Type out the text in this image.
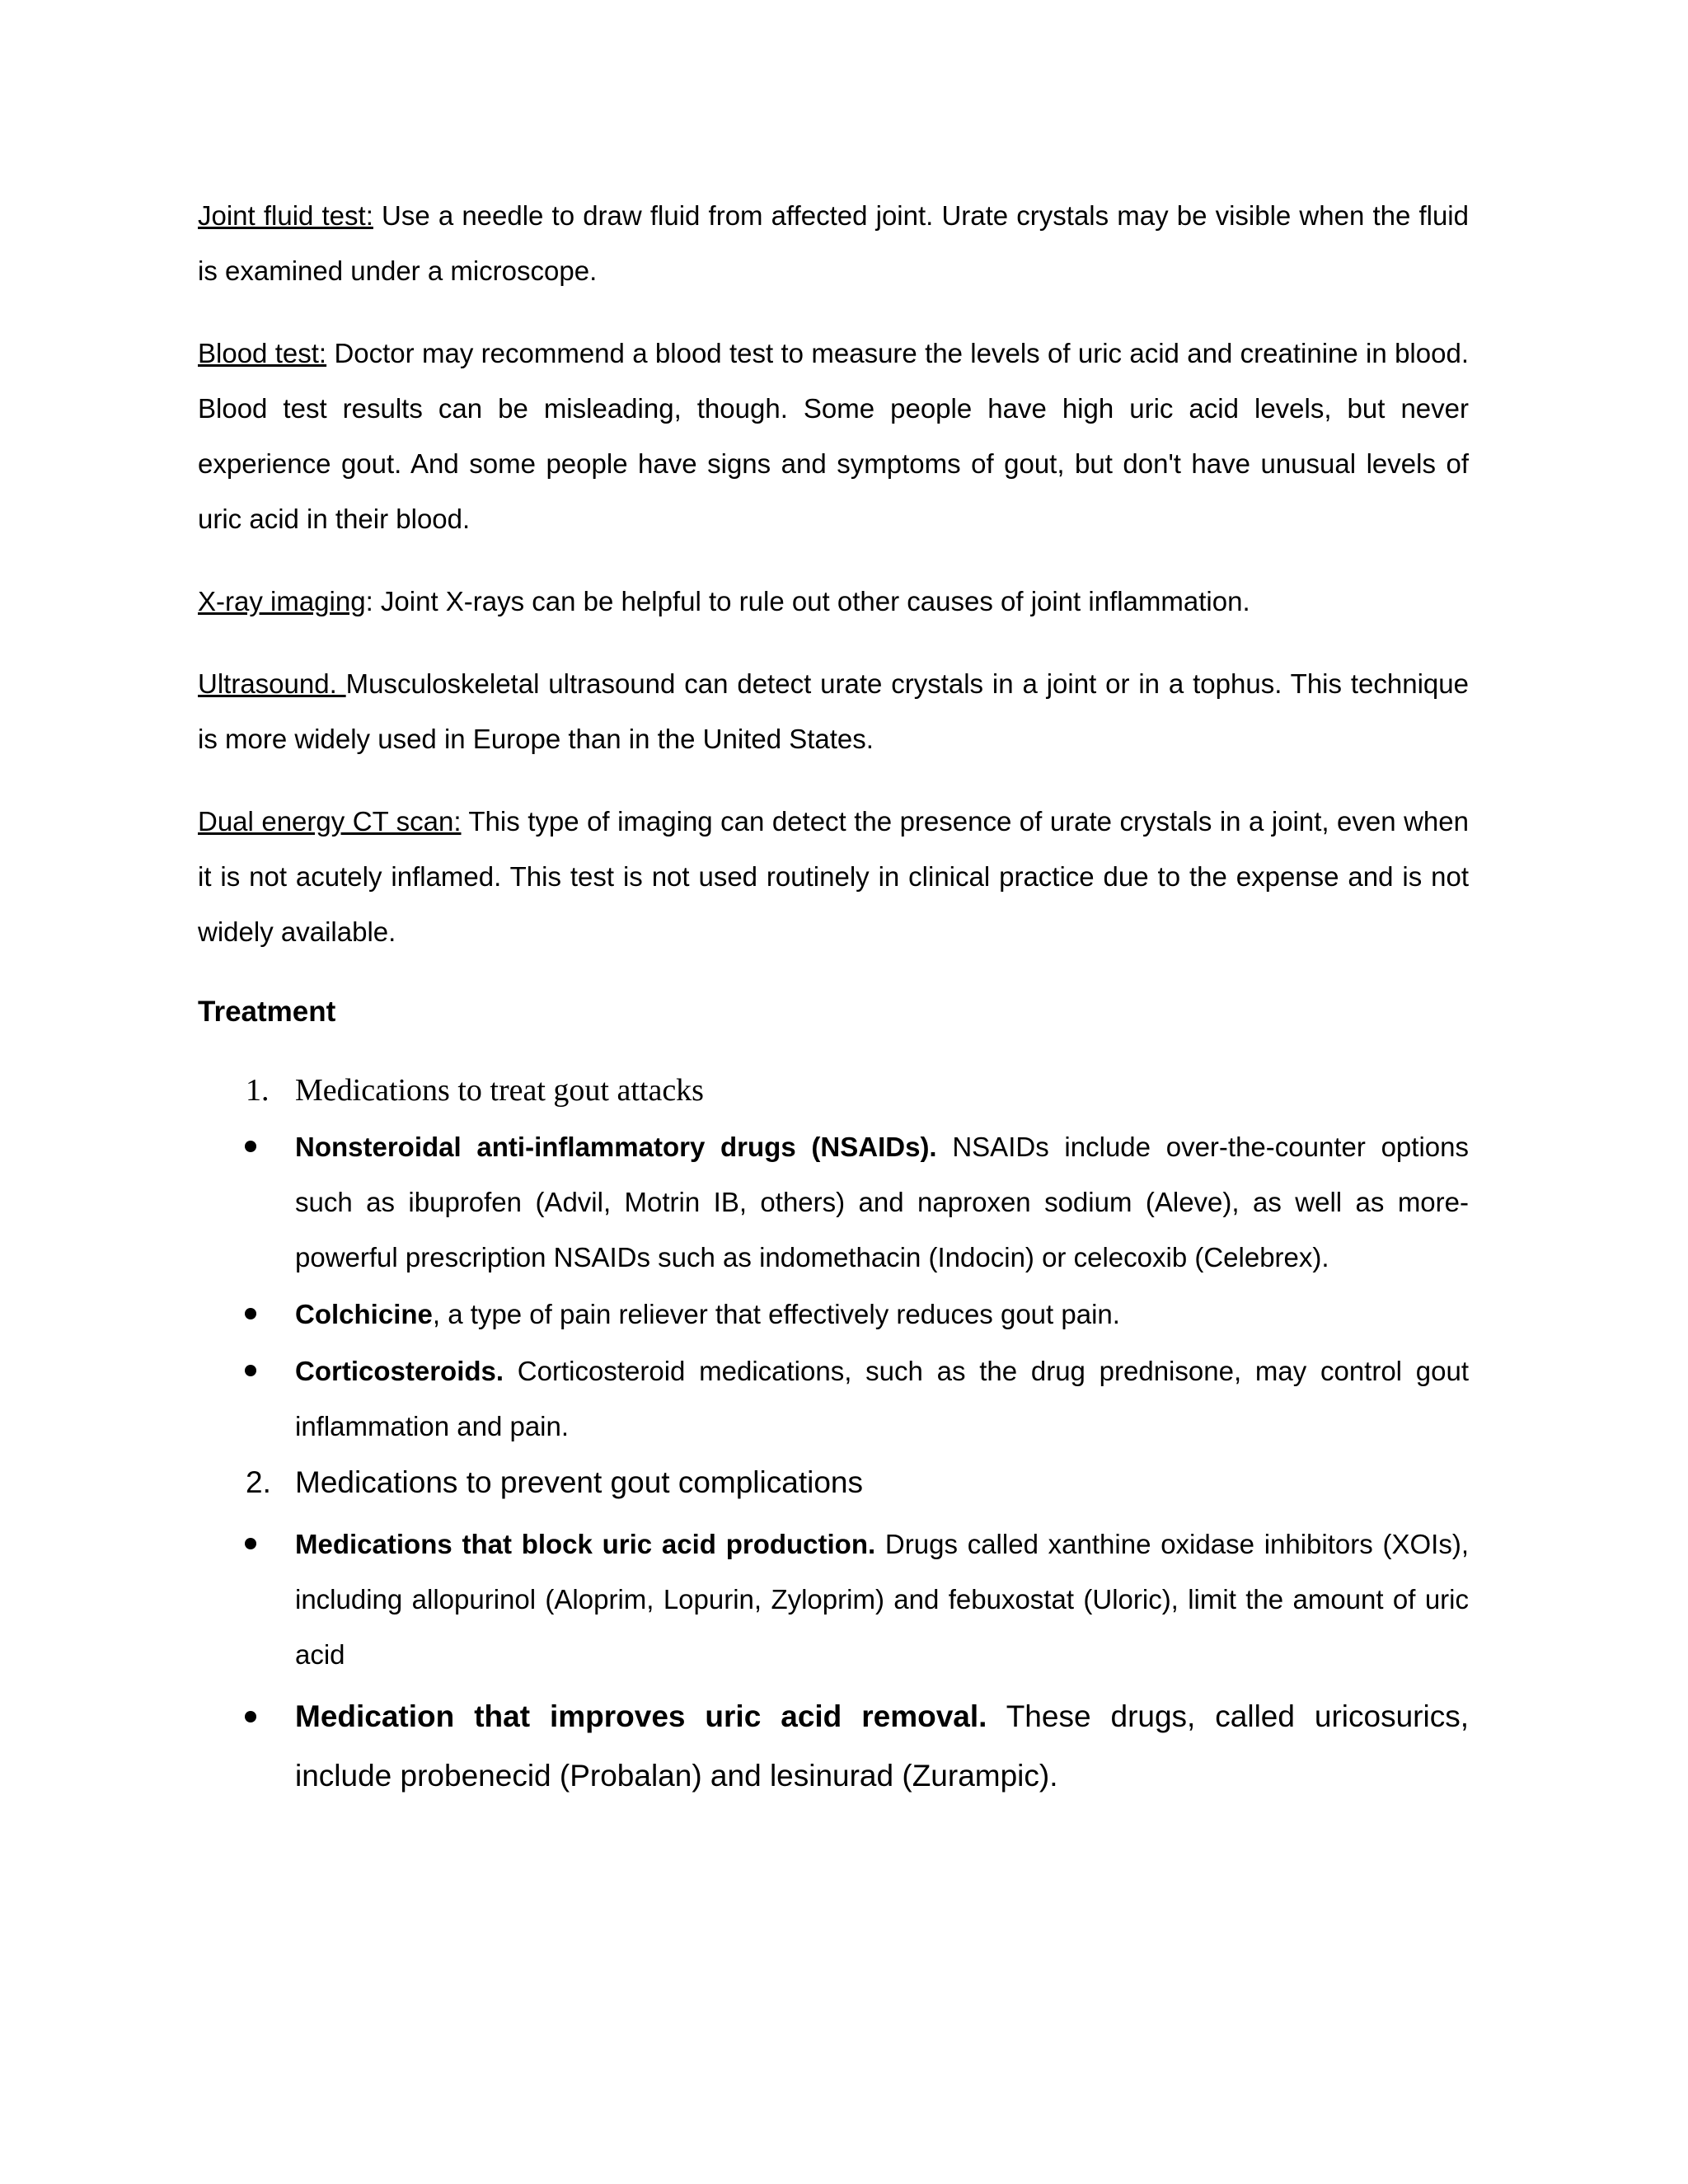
Joint fluid test: Use a needle to draw fluid from affected joint. Urate crystals may be visible when the fluid is examined under a microscope.

Blood test: Doctor may recommend a blood test to measure the levels of uric acid and creatinine in blood. Blood test results can be misleading, though. Some people have high uric acid levels, but never experience gout. And some people have signs and symptoms of gout, but don't have unusual levels of uric acid in their blood.

X-ray imaging: Joint X-rays can be helpful to rule out other causes of joint inflammation.

Ultrasound. Musculoskeletal ultrasound can detect urate crystals in a joint or in a tophus. This technique is more widely used in Europe than in the United States.

Dual energy CT scan: This type of imaging can detect the presence of urate crystals in a joint, even when it is not acutely inflamed. This test is not used routinely in clinical practice due to the expense and is not widely available.

Treatment

1. Medications to treat gout attacks

Nonsteroidal anti-inflammatory drugs (NSAIDs). NSAIDs include over-the-counter options such as ibuprofen (Advil, Motrin IB, others) and naproxen sodium (Aleve), as well as more-powerful prescription NSAIDs such as indomethacin (Indocin) or celecoxib (Celebrex).

Colchicine, a type of pain reliever that effectively reduces gout pain.

Corticosteroids. Corticosteroid medications, such as the drug prednisone, may control gout inflammation and pain.

2. Medications to prevent gout complications

Medications that block uric acid production. Drugs called xanthine oxidase inhibitors (XOIs), including allopurinol (Aloprim, Lopurin, Zyloprim) and febuxostat (Uloric), limit the amount of uric acid

Medication that improves uric acid removal. These drugs, called uricosurics, include probenecid (Probalan) and lesinurad (Zurampic).
